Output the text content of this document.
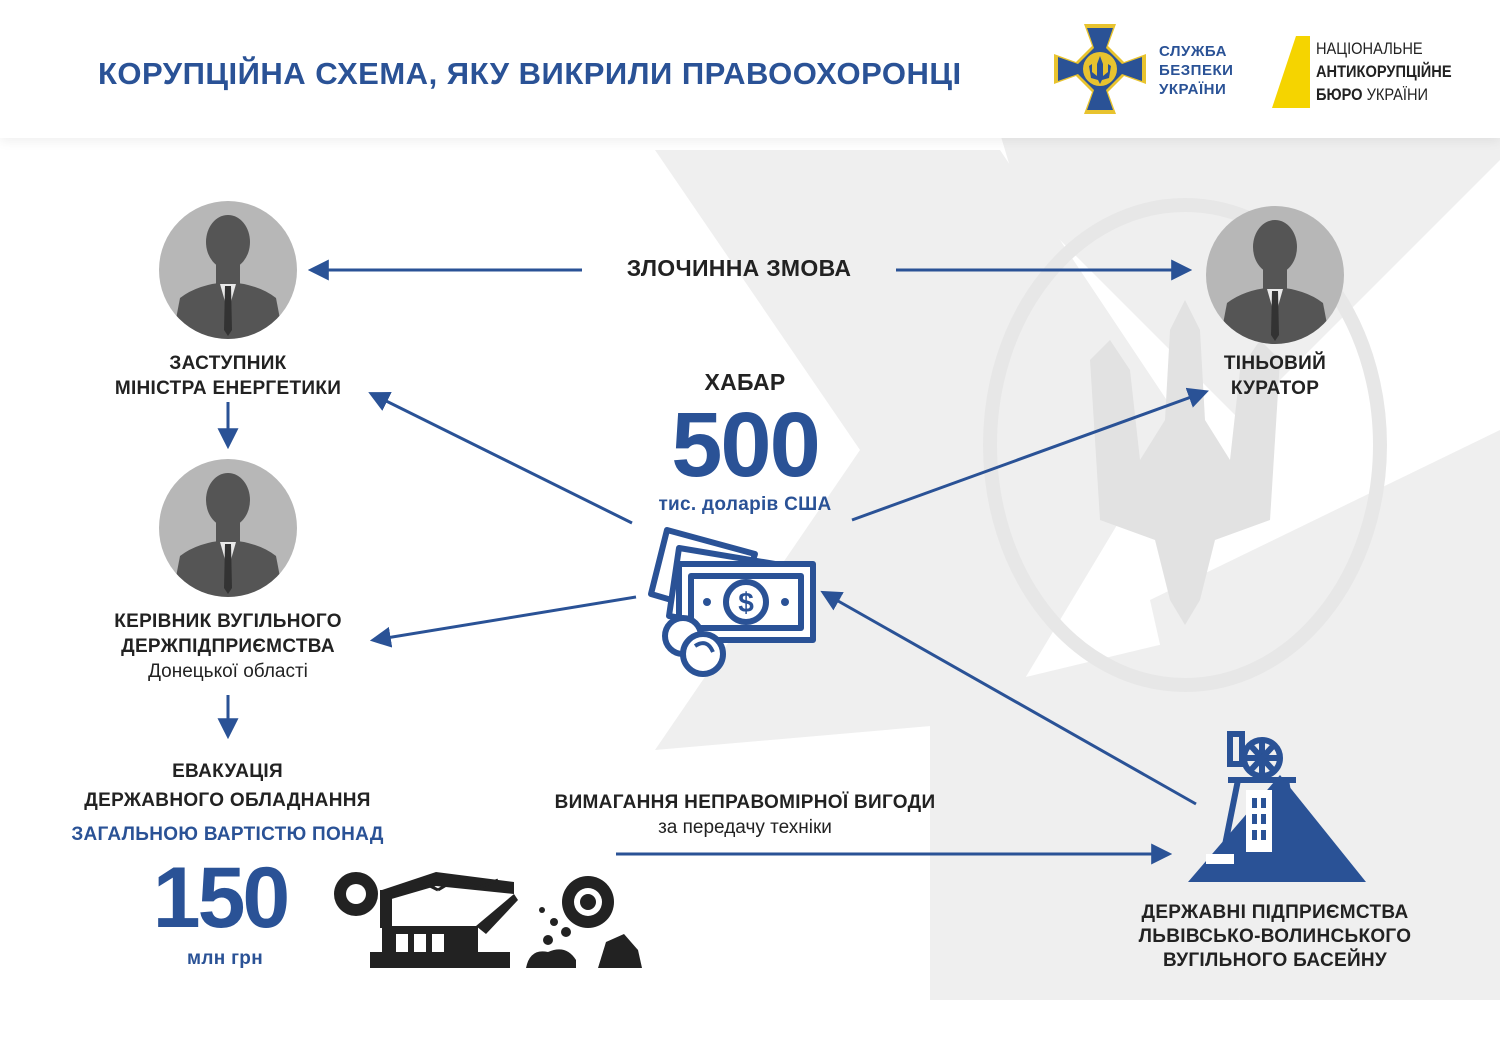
КОРУПЦІЙНА СХЕМА, ЯКУ ВИКРИЛИ ПРАВООХОРОНЦІ
СЛУЖБА
БЕЗПЕКИ
УКРАЇНИ
НАЦІОНАЛЬНЕ
АНТИКОРУПЦІЙНЕ
БЮРО УКРАЇНИ
ЗЛОЧИННА ЗМОВА
ЗАСТУПНИК
МІНІСТРА ЕНЕРГЕТИКИ
КЕРІВНИК ВУГІЛЬНОГО
ДЕРЖПІДПРИЄМСТВА
Донецької області
ТІНЬОВИЙ
КУРАТОР
ХАБАР
500
тис. доларів США
ЕВАКУАЦІЯ
ДЕРЖАВНОГО ОБЛАДНАННЯ
ЗАГАЛЬНОЮ ВАРТІСТЮ ПОНАД
150
млн грн
ВИМАГАННЯ НЕПРАВОМІРНОЇ ВИГОДИ
за передачу техніки
ДЕРЖАВНІ ПІДПРИЄМСТВА
ЛЬВІВСЬКО-ВОЛИНСЬКОГО
ВУГІЛЬНОГО БАСЕЙНУ
$
